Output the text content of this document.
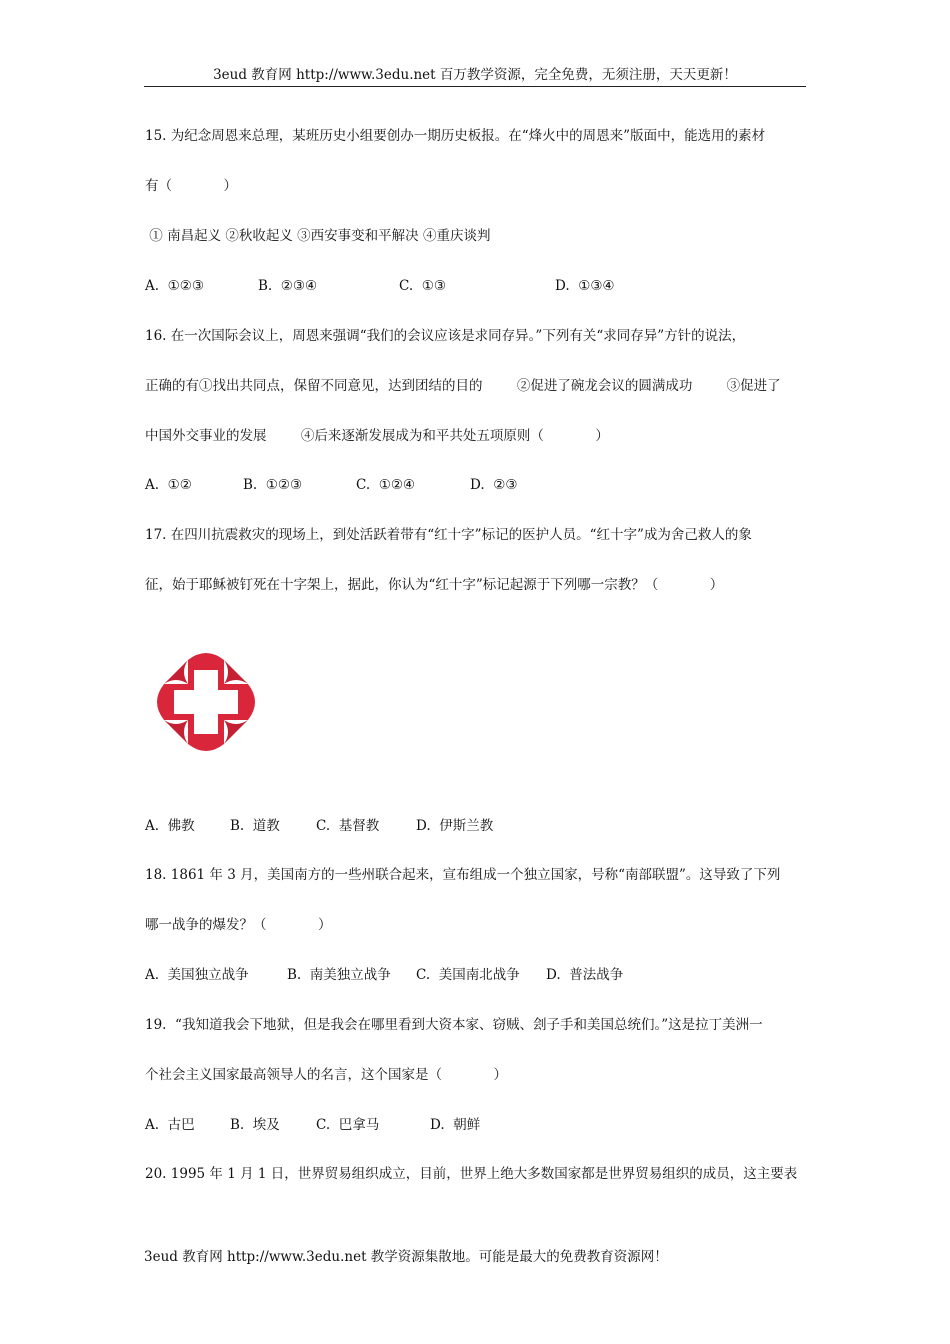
3eud 教育网 http://www.3edu.net 百万教学资源，完全免费，无须注册，天天更新！
15. 为纪念周恩来总理，某班历史小组要创办一期历史板报。在“烽火中的周恩来”版面中，能选用的素材
有（            ）
① 南昌起义 ②秋收起义 ③西安事变和平解决 ④重庆谈判
A.  ①②③	B.  ②③④	C.  ①③	D.  ①③④
16. 在一次国际会议上，周恩来强调“我们的会议应该是求同存异。”下列有关“求同存异”方针的说法，
正确的有①找出共同点，保留不同意见，达到团结的目的        ②促进了碗龙会议的圆满成功        ③促进了
中国外交事业的发展        ④后来逐渐发展成为和平共处五项原则（            ）
A.  ①②	B.  ①②③	C.  ①②④	D.  ②③
17. 在四川抗震救灾的现场上，到处活跃着带有“红十字”标记的医护人员。“红十字”成为舍己救人的象
征，始于耶稣被钉死在十字架上，据此，你认为“红十字”标记起源于下列哪一宗教？（            ）
A.  佛教	B.  道教	C.  基督教	D.  伊斯兰教
18. 1861 年 3 月，美国南方的一些州联合起来，宣布组成一个独立国家，号称“南部联盟”。这导致了下列
哪一战争的爆发？（            ）
A.  美国独立战争	B.  南美独立战争	C.  美国南北战争	D.  普法战争
19.  “我知道我会下地狱，但是我会在哪里看到大资本家、窃贼、刽子手和美国总统们。”这是拉丁美洲一
个社会主义国家最高领导人的名言，这个国家是（            ）
A.  古巴	B.  埃及	C.  巴拿马	D.  朝鲜
20. 1995 年 1 月 1 日，世界贸易组织成立，目前，世界上绝大多数国家都是世界贸易组织的成员，这主要表
3eud 教育网 http://www.3edu.net 教学资源集散地。可能是最大的免费教育资源网！
